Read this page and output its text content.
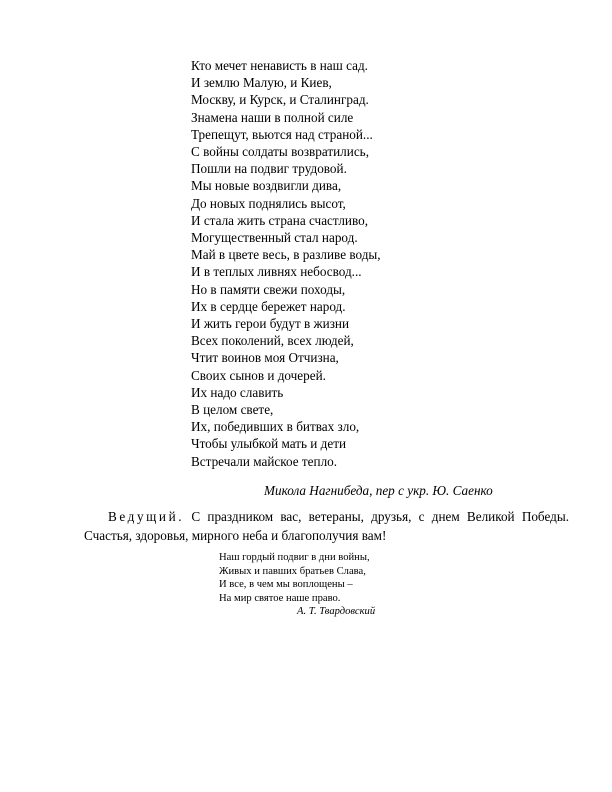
Кто мечет ненависть в наш сад.
И землю Малую, и Киев,
Москву, и Курск, и Сталинград.
Знамена наши в полной силе
Трепещут, вьются над страной...
С войны солдаты возвратились,
Пошли на подвиг трудовой.
Мы новые воздвигли дива,
До новых поднялись высот,
И стала жить страна счастливо,
Могущественный стал народ.
Май в цвете весь, в разливе воды,
И в теплых ливнях небосвод...
Но в памяти свежи походы,
Их в сердце бережет народ.
И жить герои будут в жизни
Всех поколений, всех людей,
Чтит воинов моя Отчизна,
Своих сынов и дочерей.
Их надо славить
В целом свете,
Их, победивших в битвах зло,
Чтобы улыбкой мать и дети
Встречали майское тепло.
Микола Нагнибеда, пер с укр. Ю. Саенко

Ведущий. С праздником вас, ветераны, друзья, с днем Великой Победы. Счастья, здоровья, мирного неба и благополучия вам!

Наш гордый подвиг в дни войны,
Живых и павших братьев Слава,
И все, в чем мы воплощены –
На мир святое наше право.
А. Т. Твардовский
